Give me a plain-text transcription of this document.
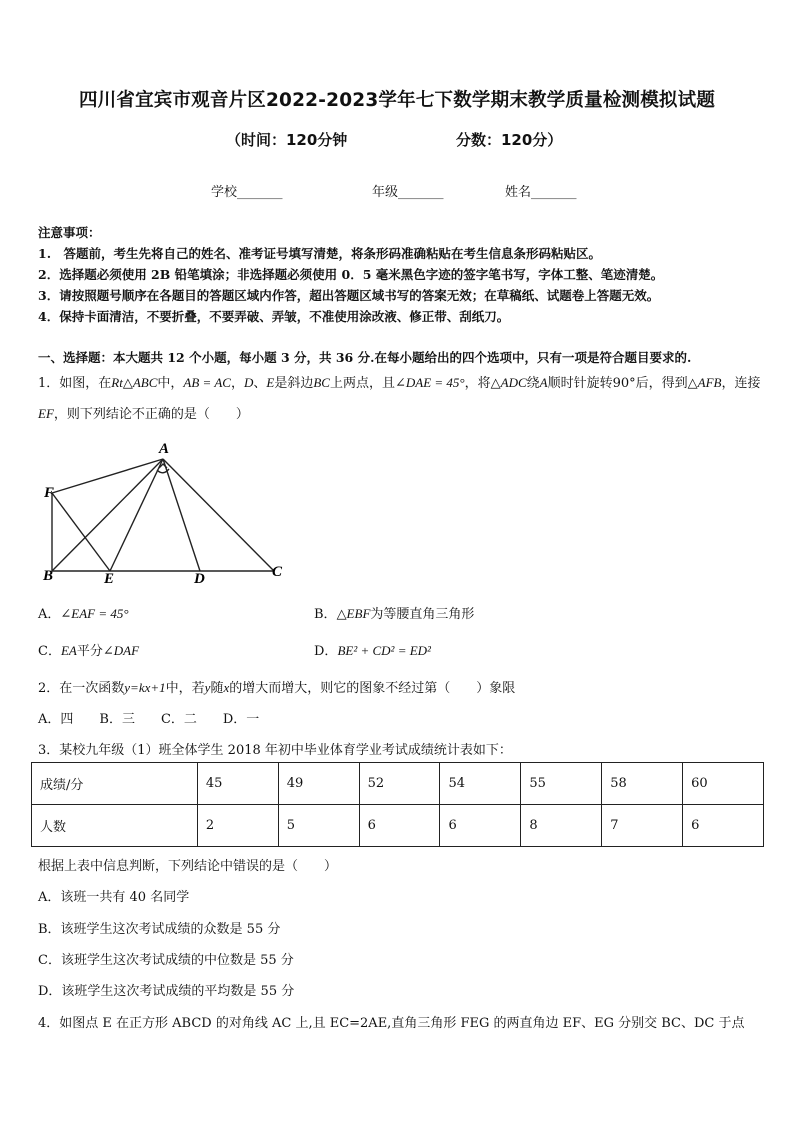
四川省宜宾市观音片区2022-2023学年七下数学期末教学质量检测模拟试题
（时间：120分钟	分数：120分）
学校_______	年级_______	姓名_______
注意事项：
1.　答题前，考生先将自己的姓名、准考证号填写清楚，将条形码准确粘贴在考生信息条形码粘贴区。
2．选择题必须使用 2B 铅笔填涂；非选择题必须使用 0．5 毫米黑色字迹的签字笔书写，字体工整、笔迹清楚。
3．请按照题号顺序在各题目的答题区域内作答，超出答题区域书写的答案无效；在草稿纸、试题卷上答题无效。
4．保持卡面清洁，不要折叠，不要弄破、弄皱，不准使用涂改液、修正带、刮纸刀。
一、选择题：本大题共 12 个小题，每小题 3 分，共 36 分.在每小题给出的四个选项中，只有一项是符合题目要求的.
1．如图，在Rt△ABC中，AB = AC，D、E是斜边BC上两点，且∠DAE = 45°，将△ADC绕A顺时针旋转90°后，得到△AFB，连接EF，则下列结论不正确的是（　　）
A
F
B	E	D	C
A．∠EAF = 45°	B．△EBF为等腰直角三角形
C．EA平分∠DAF	D．BE² + CD² = ED²
2．在一次函数y=kx+1中，若y随x的增大而增大，则它的图象不经过第（　　）象限
A．四　　B．三　　C．二　　D．一
3．某校九年级（1）班全体学生 2018 年初中毕业体育学业考试成绩统计表如下：
成绩/分	45	49	52	54	55	58	60
人数	2	5	6	6	8	7	6
根据上表中信息判断，下列结论中错误的是（　　）
A．该班一共有 40 名同学
B．该班学生这次考试成绩的众数是 55 分
C．该班学生这次考试成绩的中位数是 55 分
D．该班学生这次考试成绩的平均数是 55 分
4．如图点 E 在正方形 ABCD 的对角线 AC 上,且 EC=2AE,直角三角形 FEG 的两直角边 EF、EG 分别交 BC、DC 于点
